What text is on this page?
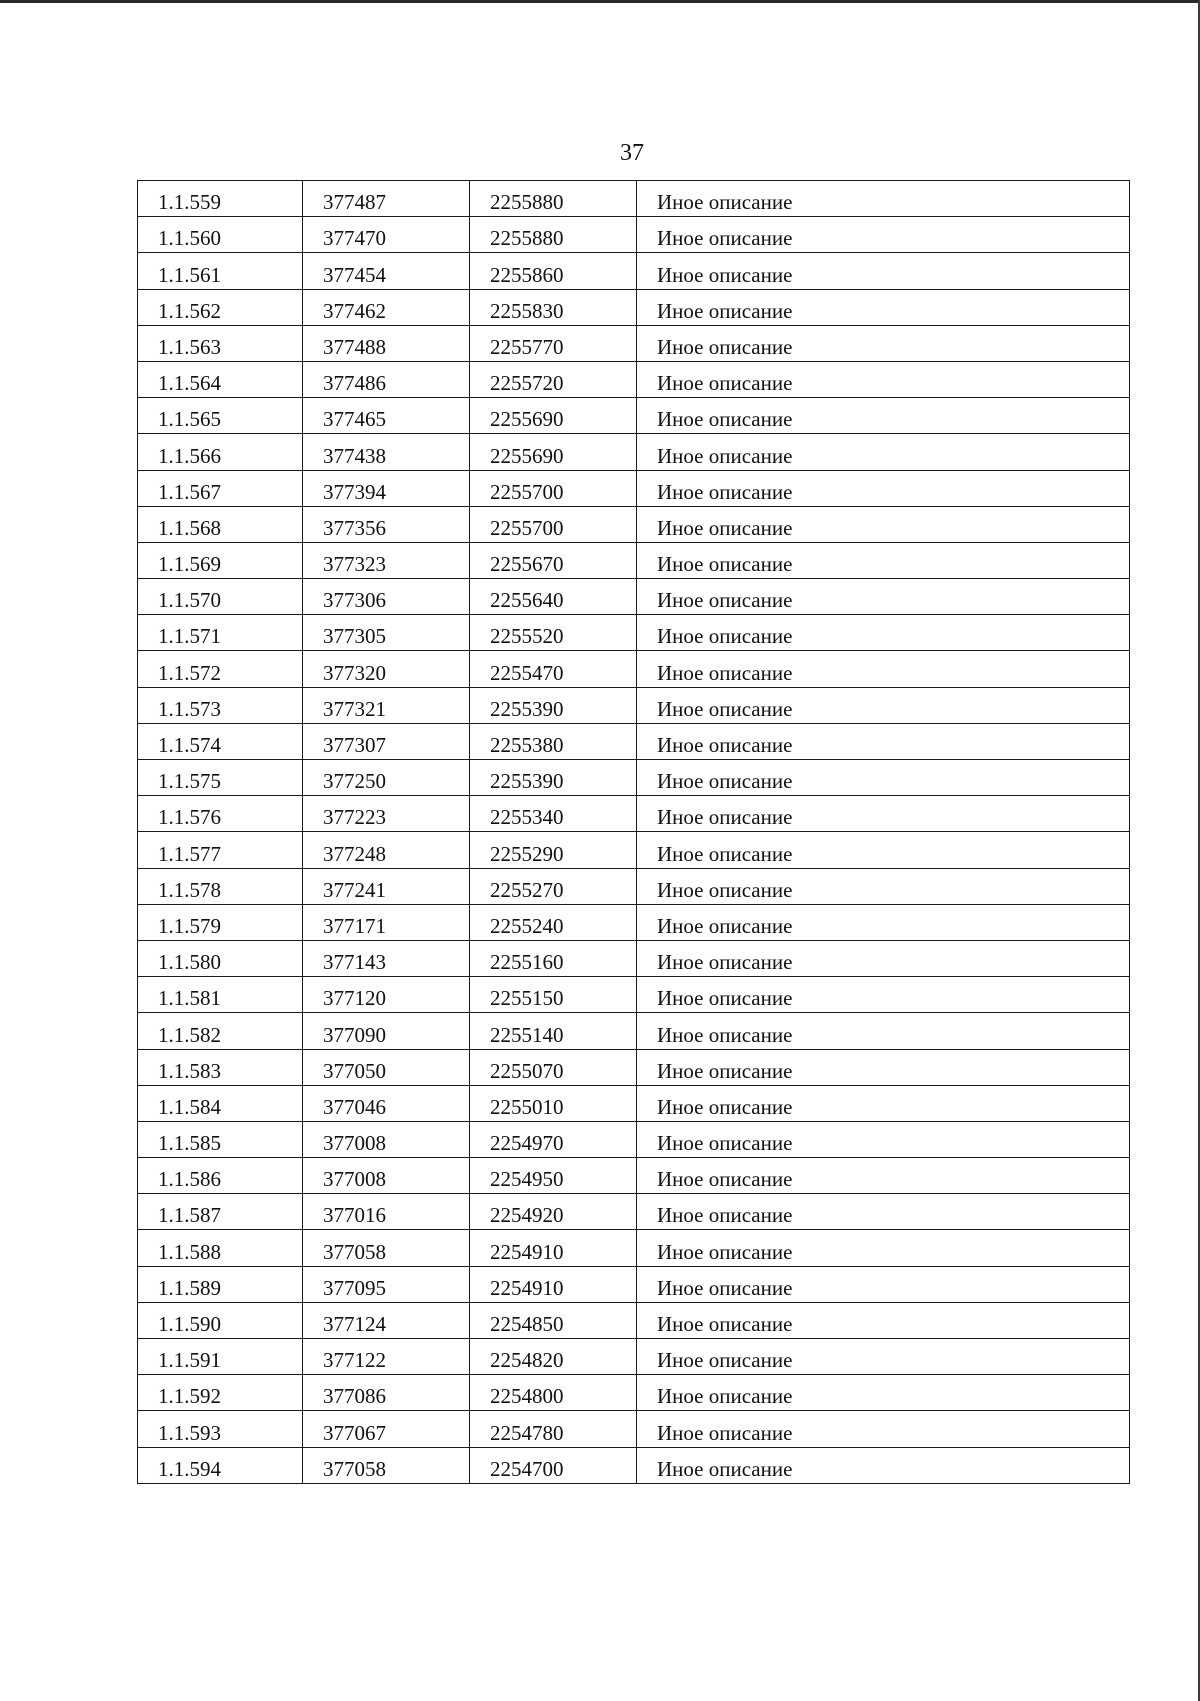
37
1.1.559	377487	2255880	Иное описание
1.1.560	377470	2255880	Иное описание
1.1.561	377454	2255860	Иное описание
1.1.562	377462	2255830	Иное описание
1.1.563	377488	2255770	Иное описание
1.1.564	377486	2255720	Иное описание
1.1.565	377465	2255690	Иное описание
1.1.566	377438	2255690	Иное описание
1.1.567	377394	2255700	Иное описание
1.1.568	377356	2255700	Иное описание
1.1.569	377323	2255670	Иное описание
1.1.570	377306	2255640	Иное описание
1.1.571	377305	2255520	Иное описание
1.1.572	377320	2255470	Иное описание
1.1.573	377321	2255390	Иное описание
1.1.574	377307	2255380	Иное описание
1.1.575	377250	2255390	Иное описание
1.1.576	377223	2255340	Иное описание
1.1.577	377248	2255290	Иное описание
1.1.578	377241	2255270	Иное описание
1.1.579	377171	2255240	Иное описание
1.1.580	377143	2255160	Иное описание
1.1.581	377120	2255150	Иное описание
1.1.582	377090	2255140	Иное описание
1.1.583	377050	2255070	Иное описание
1.1.584	377046	2255010	Иное описание
1.1.585	377008	2254970	Иное описание
1.1.586	377008	2254950	Иное описание
1.1.587	377016	2254920	Иное описание
1.1.588	377058	2254910	Иное описание
1.1.589	377095	2254910	Иное описание
1.1.590	377124	2254850	Иное описание
1.1.591	377122	2254820	Иное описание
1.1.592	377086	2254800	Иное описание
1.1.593	377067	2254780	Иное описание
1.1.594	377058	2254700	Иное описание
